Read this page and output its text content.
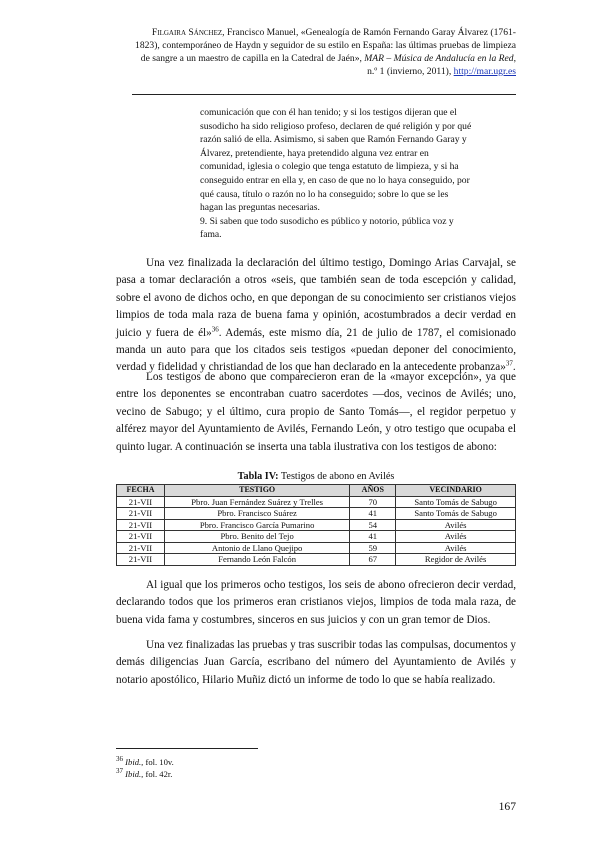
Filgaira Sánchez, Francisco Manuel, «Genealogía de Ramón Fernando Garay Álvarez (1761-
1823), contemporáneo de Haydn y seguidor de su estilo en España: las últimas pruebas de limpieza
de sangre a un maestro de capilla en la Catedral de Jaén», MAR – Música de Andalucía en la Red,
n.º 1 (invierno, 2011), http://mar.ugr.es

comunicación que con él han tenido; y si los testigos dijeran que el

susodicho ha sido religioso profeso, declaren de qué religión y por qué

razón salió de ella. Asimismo, si saben que Ramón Fernando Garay y

Álvarez, pretendiente, haya pretendido alguna vez entrar en

comunidad, iglesia o colegio que tenga estatuto de limpieza, y si ha

conseguido entrar en ella y, en caso de que no lo haya conseguido, por

qué causa, título o razón no lo ha conseguido; sobre lo que se les

hagan las preguntas necesarias.

9. Si saben que todo susodicho es público y notorio, pública voz y

fama.

Una vez finalizada la declaración del último testigo, Domingo Arias Carvajal, se pasa a tomar declaración a otros «seis, que también sean de toda escepción y calidad, sobre el avono de dichos ocho, en que depongan de su conocimiento ser cristianos viejos limpios de toda mala raza de buena fama y opinión, acostumbrados a decir verdad en juicio y fuera de él»$^{36}$. Además, este mismo día, 21 de julio de 1787, el comisionado manda un auto para que los citados seis testigos «puedan deponer del conocimiento, verdad y fidelidad y christiandad de los que han declarado en la antecedente probanza»$^{37}$.

Los testigos de abono que comparecieron eran de la «mayor excepción», ya que entre los deponentes se encontraban cuatro sacerdotes —dos, vecinos de Avilés; uno, vecino de Sabugo; y el último, cura propio de Santo Tomás—, el regidor perpetuo y alférez mayor del Ayuntamiento de Avilés, Fernando León, y otro testigo que ocupaba el quinto lugar. A continuación se inserta una tabla ilustrativa con los testigos de abono:

Tabla IV: Testigos de abono en Avilés
FECHA	TESTIGO	AÑOS	VECINDARIO
21-VII	Pbro. Juan Fernández Suárez y Trelles	70	Santo Tomás de Sabugo
21-VII	Pbro. Francisco Suárez	41	Santo Tomás de Sabugo
21-VII	Pbro. Francisco García Pumarino	54	Avilés
21-VII	Pbro. Benito del Tejo	41	Avilés
21-VII	Antonio de Llano Quejipo	59	Avilés
21-VII	Fernando León Falcón	67	Regidor de Avilés

Al igual que los primeros ocho testigos, los seis de abono ofrecieron decir verdad, declarando todos que los primeros eran cristianos viejos, limpios de toda mala raza, de buena vida fama y costumbres, sinceros en sus juicios y con un gran temor de Dios.

Una vez finalizadas las pruebas y tras suscribir todas las compulsas, documentos y demás diligencias Juan García, escribano del número del Ayuntamiento de Avilés y notario apostólico, Hilario Muñiz dictó un informe de todo lo que se había realizado.

$^{36}$ Ibid., fol. 10v.
$^{37}$ Ibid., fol. 42r.
167
